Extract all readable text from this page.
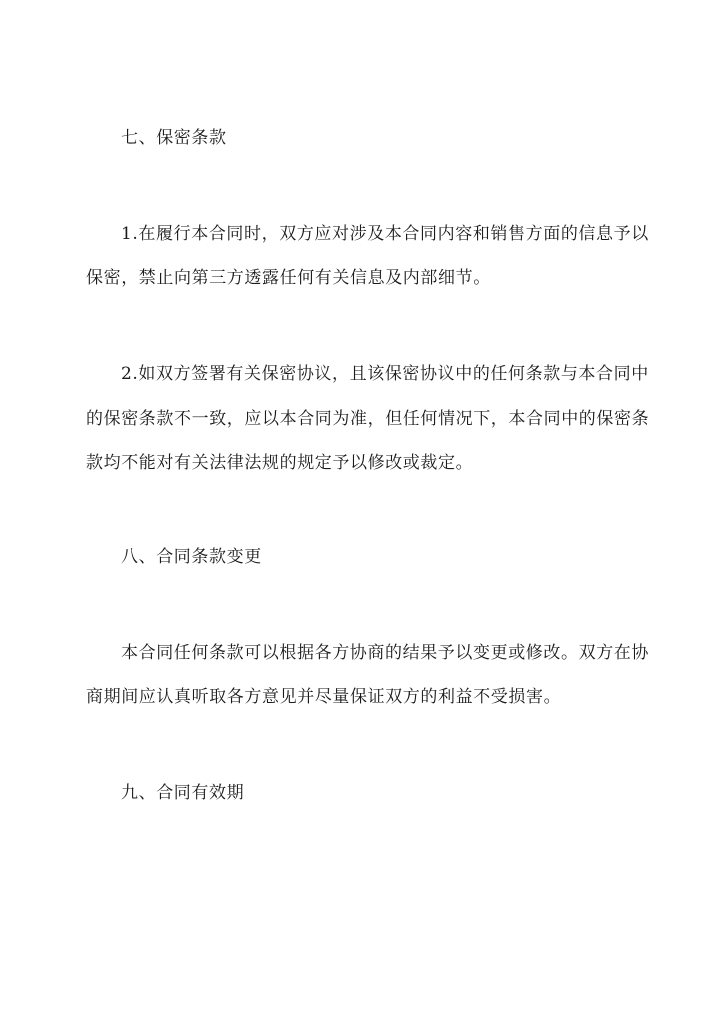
七、保密条款
1.在履行本合同时，双方应对涉及本合同内容和销售方面的信息予以
保密，禁止向第三方透露任何有关信息及内部细节。
2.如双方签署有关保密协议，且该保密协议中的任何条款与本合同中
的保密条款不一致，应以本合同为准，但任何情况下，本合同中的保密条
款均不能对有关法律法规的规定予以修改或裁定。
八、合同条款变更
本合同任何条款可以根据各方协商的结果予以变更或修改。双方在协
商期间应认真听取各方意见并尽量保证双方的利益不受损害。
九、合同有效期
